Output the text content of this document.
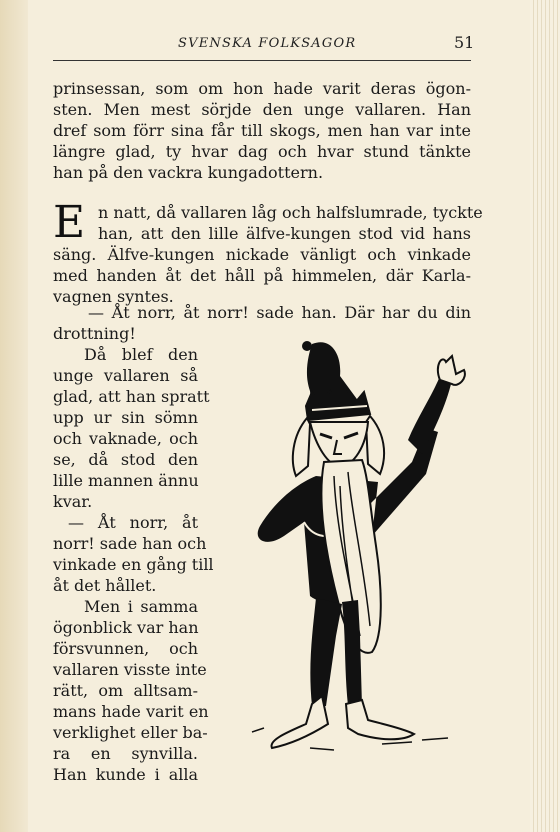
SVENSKA FOLKSAGOR	51
prinsessan, som om hon hade varit deras ögon-
sten. Men mest sörjde den unge vallaren. Han
dref som förr sina får till skogs, men han var inte
längre glad, ty hvar dag och hvar stund tänkte
han på den vackra kungadottern.
E n natt, då vallaren låg och halfslumrade, tyckte
han, att den lille älfve-kungen stod vid hans
säng. Älfve-kungen nickade vänligt och vinkade
med handen åt det håll på himmelen, där Karla-
vagnen syntes.
— Åt norr, åt norr! sade han. Där har du din
drottning!
Då blef den
unge vallaren så
glad, att han spratt
upp ur sin sömn
och vaknade, och
se, då stod den
lille mannen ännu
kvar.
— Åt norr, åt
norr! sade han och
vinkade en gång till
åt det hållet.
Men i samma
ögonblick var han
försvunnen, och
vallaren visste inte
rätt, om alltsam-
mans hade varit en
verklighet eller ba-
ra en synvilla.
Han kunde i alla
